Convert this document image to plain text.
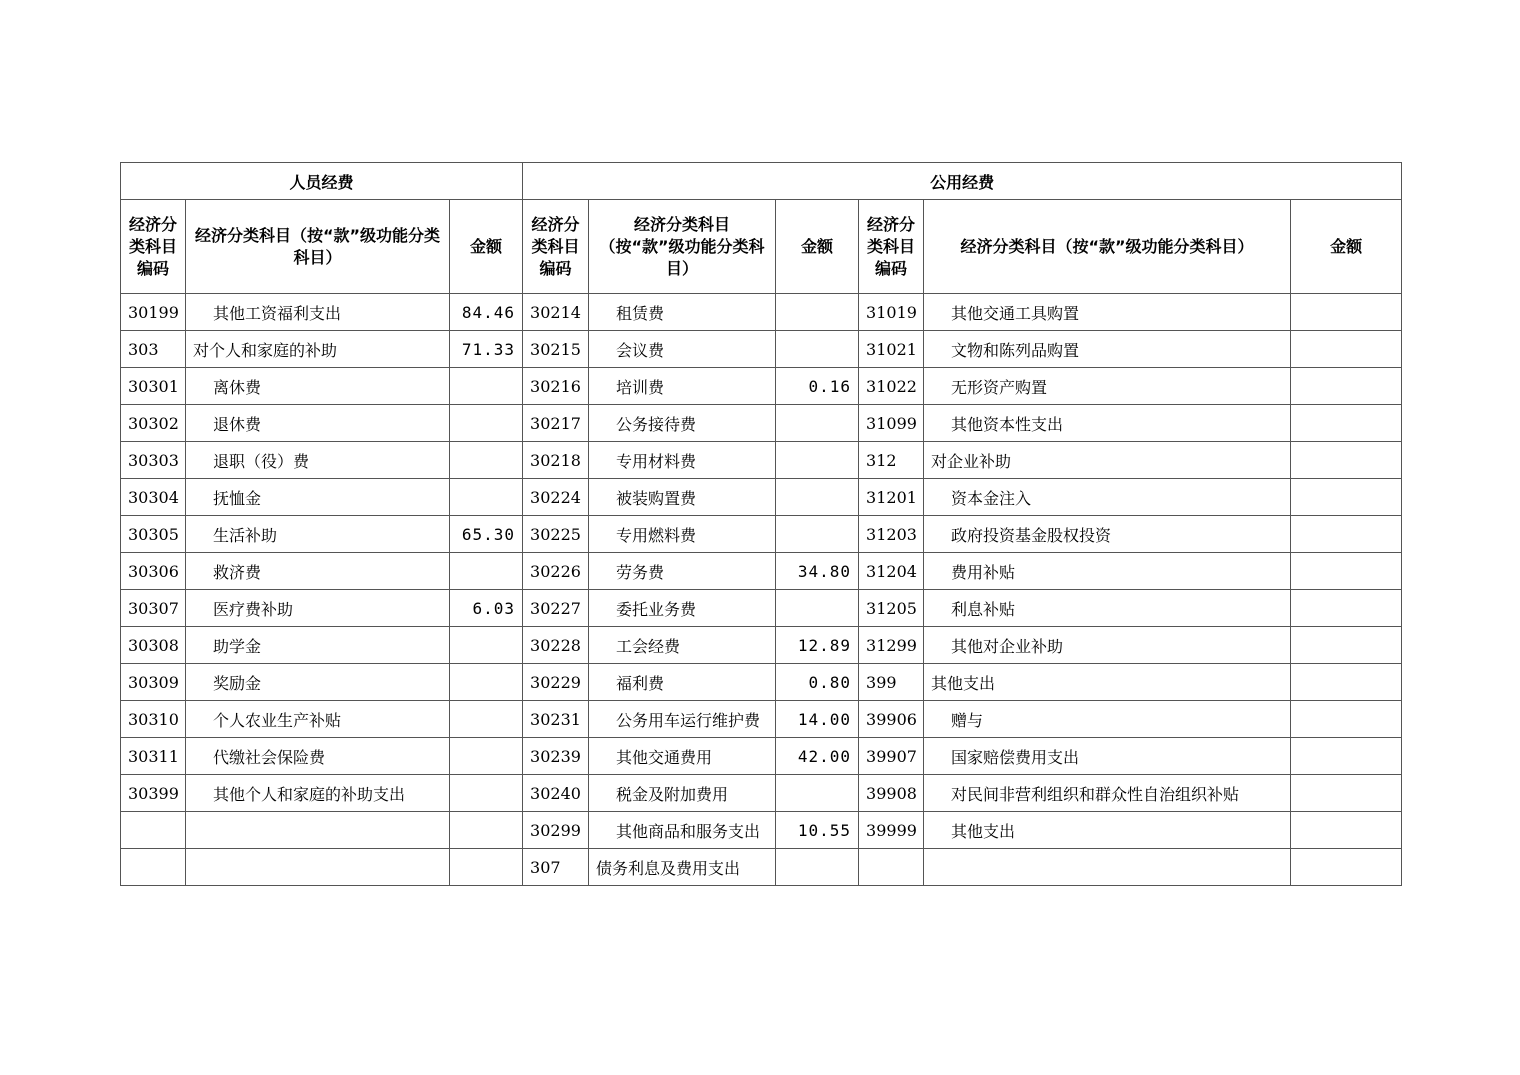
人员经费			公用经费					
经济分类科目编码	经济分类科目（按“款”级功能分类科目）	金额	经济分类科目编码	经济分类科目（按“款”级功能分类科目）	金额	经济分类科目编码	经济分类科目（按“款”级功能分类科目）	金额
30199	其他工资福利支出	84.46	30214	租赁费		31019	其他交通工具购置	
303	对个人和家庭的补助	71.33	30215	会议费		31021	文物和陈列品购置	
30301	离休费		30216	培训费	0.16	31022	无形资产购置	
30302	退休费		30217	公务接待费		31099	其他资本性支出	
30303	退职（役）费		30218	专用材料费		312	对企业补助	
30304	抚恤金		30224	被装购置费		31201	资本金注入	
30305	生活补助	65.30	30225	专用燃料费		31203	政府投资基金股权投资	
30306	救济费		30226	劳务费	34.80	31204	费用补贴	
30307	医疗费补助	6.03	30227	委托业务费		31205	利息补贴	
30308	助学金		30228	工会经费	12.89	31299	其他对企业补助	
30309	奖励金		30229	福利费	0.80	399	其他支出	
30310	个人农业生产补贴		30231	公务用车运行维护费	14.00	39906	赠与	
30311	代缴社会保险费		30239	其他交通费用	42.00	39907	国家赔偿费用支出	
30399	其他个人和家庭的补助支出		30240	税金及附加费用		39908	对民间非营利组织和群众性自治组织补贴	
			30299	其他商品和服务支出	10.55	39999	其他支出	
			307	债务利息及费用支出				
